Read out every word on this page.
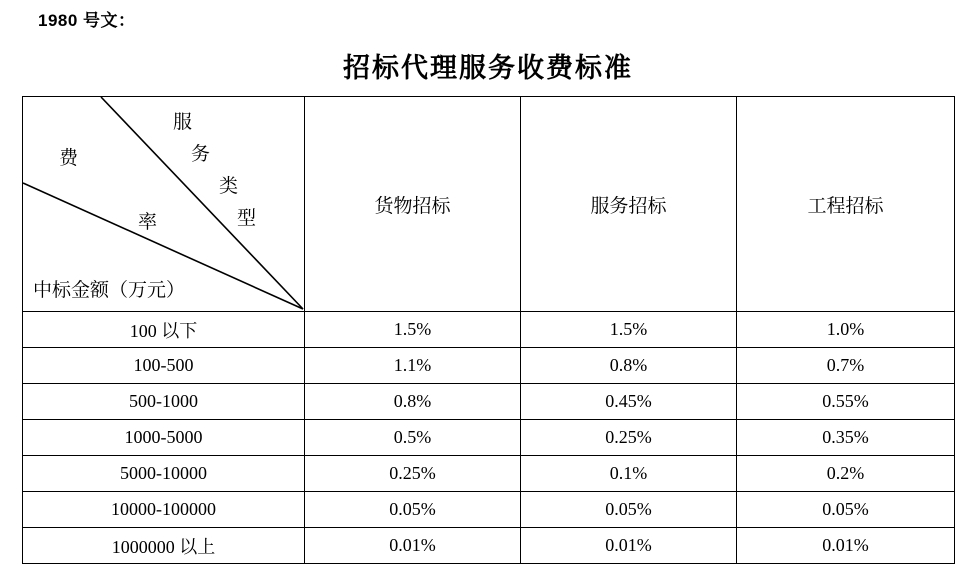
1980 号文：
招标代理服务收费标准
费
服
务
率
类
型
中标金额（万元）
	货物招标	服务招标	工程招标
100 以下	1.5%	1.5%	1.0%
100-500	1.1%	0.8%	0.7%
500-1000	0.8%	0.45%	0.55%
1000-5000	0.5%	0.25%	0.35%
5000-10000	0.25%	0.1%	0.2%
10000-100000	0.05%	0.05%	0.05%
1000000 以上	0.01%	0.01%	0.01%
